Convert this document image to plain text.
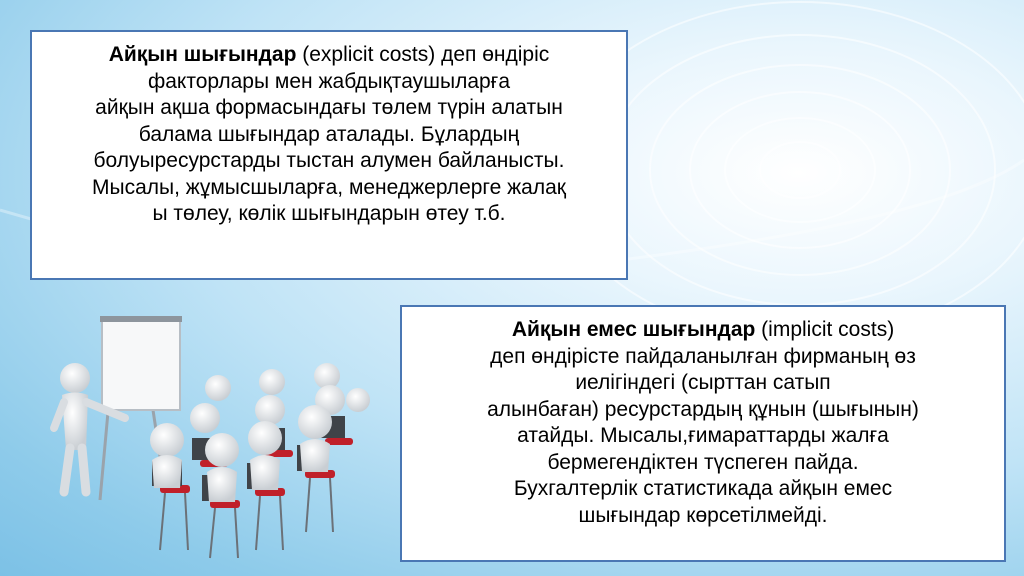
Айқын шығындар (explicit costs) деп өндіріс

факторлары мен жабдықтаушыларға

айқын ақша формасындағы төлем түрін алатын

балама шығындар аталады. Бұлардың

болуыресурстарды тыстан алумен байланысты.

Мысалы, жұмысшыларға, менеджерлерге жалақ

ы төлеу, көлік шығындарын өтеу т.б.

Айқын емес шығындар (implicit costs)

деп өндірісте пайдаланылған фирманың өз

иелігіндегі (сырттан сатып

алынбаған) ресурстардың құнын (шығынын)

атайды. Мысалы,ғимараттарды жалға

бермегендіктен түспеген пайда.

Бухгалтерлік статистикада айқын емес

шығындар көрсетілмейді.
